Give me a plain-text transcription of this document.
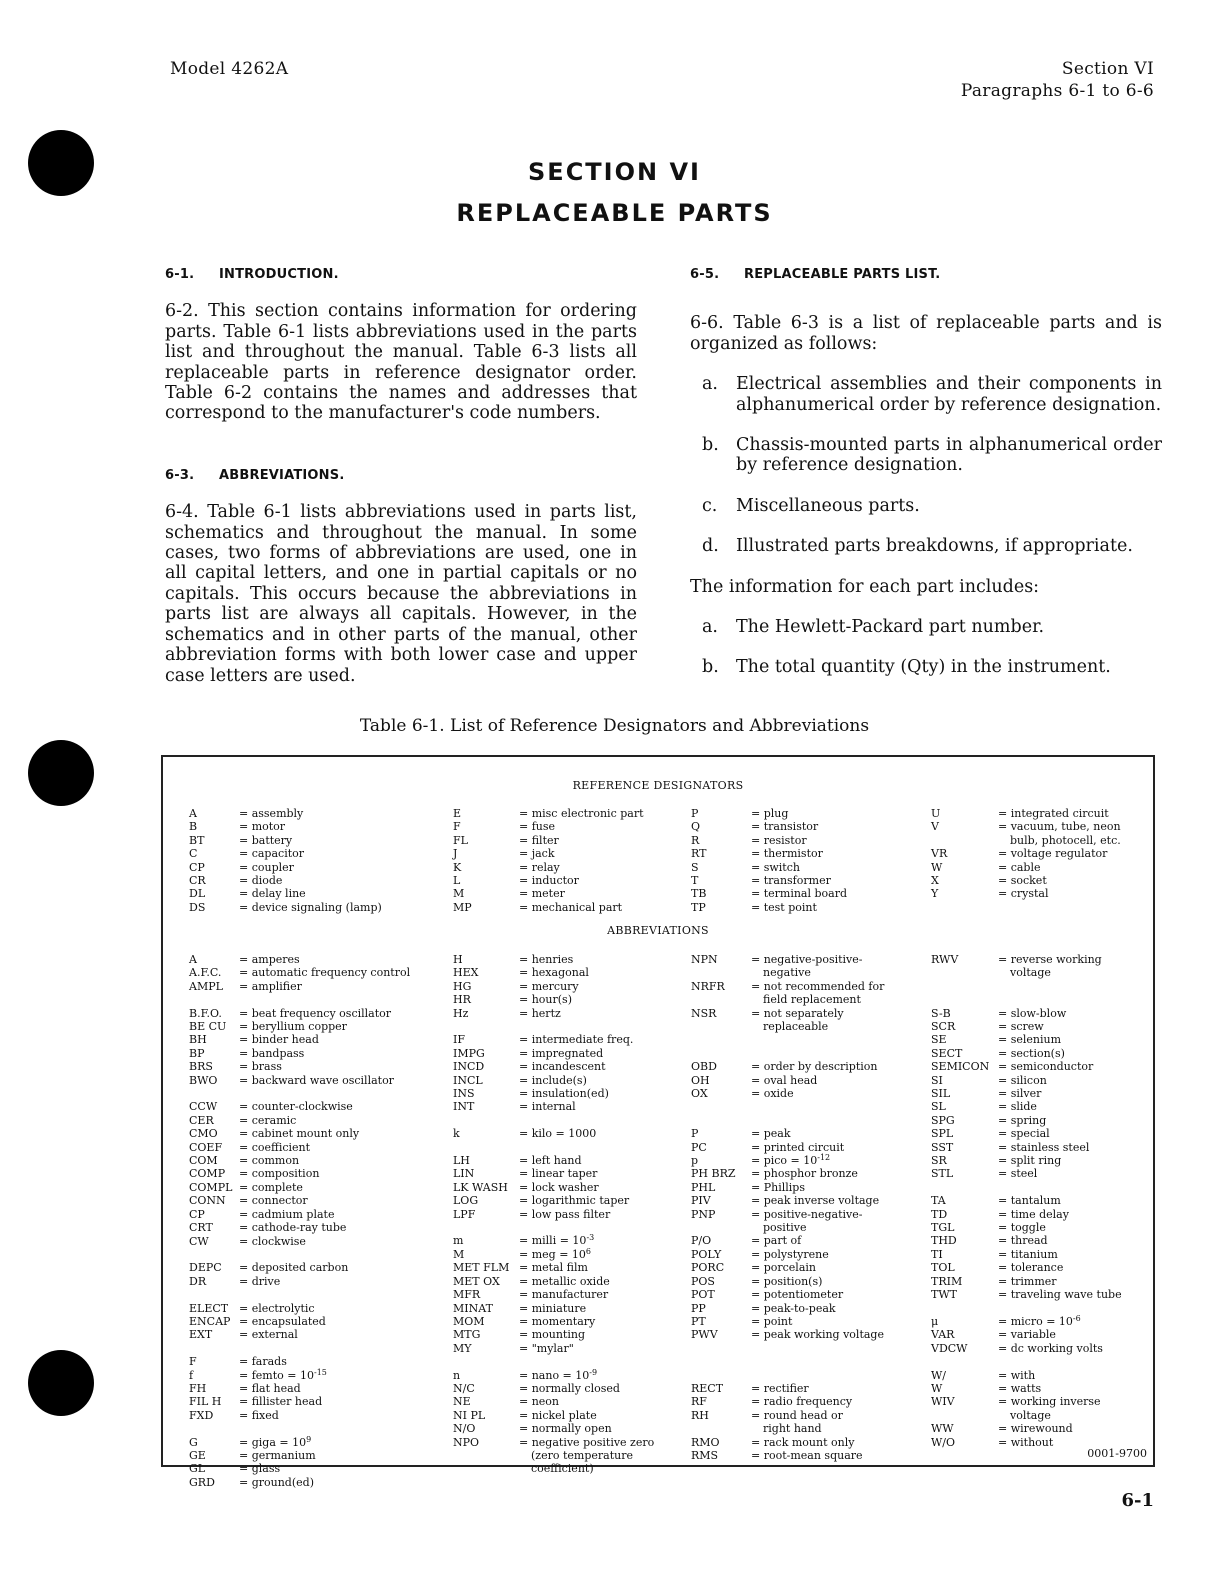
Model 4262A	Section VI
Paragraphs 6-1 to 6-6
SECTION VI
REPLACEABLE PARTS
6-1. INTRODUCTION.

6-2. This section contains information for ordering parts. Table 6-1 lists abbreviations used in the parts list and throughout the manual. Table 6-3 lists all replaceable parts in reference designator order. Table 6-2 contains the names and addresses that correspond to the manufacturer's code numbers.

6-3. ABBREVIATIONS.

6-4. Table 6-1 lists abbreviations used in parts list, schematics and throughout the manual. In some cases, two forms of abbreviations are used, one in all capital letters, and one in partial capitals or no capitals. This occurs because the abbreviations in parts list are always all capitals. However, in the schematics and in other parts of the manual, other abbreviation forms with both lower case and upper case letters are used.

6-5. REPLACEABLE PARTS LIST.

6-6. Table 6-3 is a list of replaceable parts and is organized as follows:

a.	Electrical assemblies and their components in alphanumerical order by reference designation.
b. Chassis-mounted parts in alphanumerical order by reference designation.
c.	Miscellaneous parts.
d. Illustrated parts breakdowns, if appropriate.

The information for each part includes:

a.	The Hewlett-Packard part number.
b. The total quantity (Qty) in the instrument.
Table 6-1. List of Reference Designators and Abbreviations
REFERENCE DESIGNATORS
ABBREVIATIONS
A	= assembly
B	= motor
BT	= battery
C	= capacitor
CP	= coupler
CR	= diode
DL	= delay line
DS	= device signaling (lamp)
E	= misc electronic part
F	= fuse
FL	= filter
J	= jack
K	= relay
L	= inductor
M	= meter
MP	= mechanical part
P	= plug
Q	= transistor
R	= resistor
RT	= thermistor
S	= switch
T	= transformer
TB	= terminal board
TP	= test point
U	= integrated circuit
V	= vacuum, tube, neon
bulb, photocell, etc.
VR	= voltage regulator
W	= cable
X	= socket
Y	= crystal
A	= amperes
A.F.C.	= automatic frequency control
AMPL	= amplifier
B.F.O.	= beat frequency oscillator
BE CU	= beryllium copper
BH	= binder head
BP	= bandpass
BRS	= brass
BWO	= backward wave oscillator
CCW	= counter-clockwise
CER	= ceramic
CMO	= cabinet mount only
COEF	= coefficient
COM	= common
COMP	= composition
COMPL = complete
CONN	= connector
CP	= cadmium plate
CRT	= cathode-ray tube
CW	= clockwise
DEPC	= deposited carbon
DR	= drive
ELECT = electrolytic
ENCAP = encapsulated
EXT	= external
F	= farads
f	= femto = $10^{-15}$
FH	= flat head
FIL H	= fillister head
FXD	= fixed
G	= giga = $10^9$
GE	= germanium
GL	= glass
GRD	= ground(ed)
H	= henries
HEX	= hexagonal
HG	= mercury
HR	= hour(s)
Hz	= hertz
IF	= intermediate freq.
IMPG	= impregnated
INCD	= incandescent
INCL	= include(s)
INS	= insulation(ed)
INT	= internal
k	= kilo = 1000
LH	= left hand
LIN	= linear taper
LK WASH	= lock washer
LOG	= logarithmic taper
LPF	= low pass filter
m	= milli = $10^{-3}$
M	= meg = $10^6$
MET FLM = metal film
MET OX	= metallic oxide
MFR	= manufacturer
MINAT	= miniature
MOM	= momentary
MTG	= mounting
MY	= "mylar"
n	= nano = $10^{-9}$
N/C	= normally closed
NE	= neon
NI PL	= nickel plate
N/O	= normally open
NPO	= negative positive zero
(zero temperature
coefficient)
NPN	= negative-positive-
negative
NRFR	= not recommended for
field replacement
NSR	= not separately
replaceable
OBD	= order by description
OH	= oval head
OX	= oxide
P	= peak
PC	= printed circuit
p	= pico = $10^{-12}$
PH BRZ	= phosphor bronze
PHL	= Phillips
PIV	= peak inverse voltage
PNP	= positive-negative-
positive
P/O	= part of
POLY	= polystyrene
PORC	= porcelain
POS	= position(s)
POT	= potentiometer
PP	= peak-to-peak
PT	= point
PWV	= peak working voltage
RECT	= rectifier
RF	= radio frequency
RH	= round head or
right hand
RMO	= rack mount only
RMS	= root-mean square
RWV	= reverse working
voltage
S-B	= slow-blow
SCR	= screw
SE	= selenium
SECT	= section(s)
SEMICON = semiconductor
SI	= silicon
SIL	= silver
SL	= slide
SPG	= spring
SPL	= special
SST	= stainless steel
SR	= split ring
STL	= steel
TA	= tantalum
TD	= time delay
TGL	= toggle
THD	= thread
TI	= titanium
TOL	= tolerance
TRIM	= trimmer
TWT	= traveling wave tube
μ	= micro = $10^{-6}$
VAR	= variable
VDCW	= dc working volts
W/	= with
W	= watts
WIV	= working inverse
voltage
WW	= wirewound
W/O	= without
0001-9700
6-1
